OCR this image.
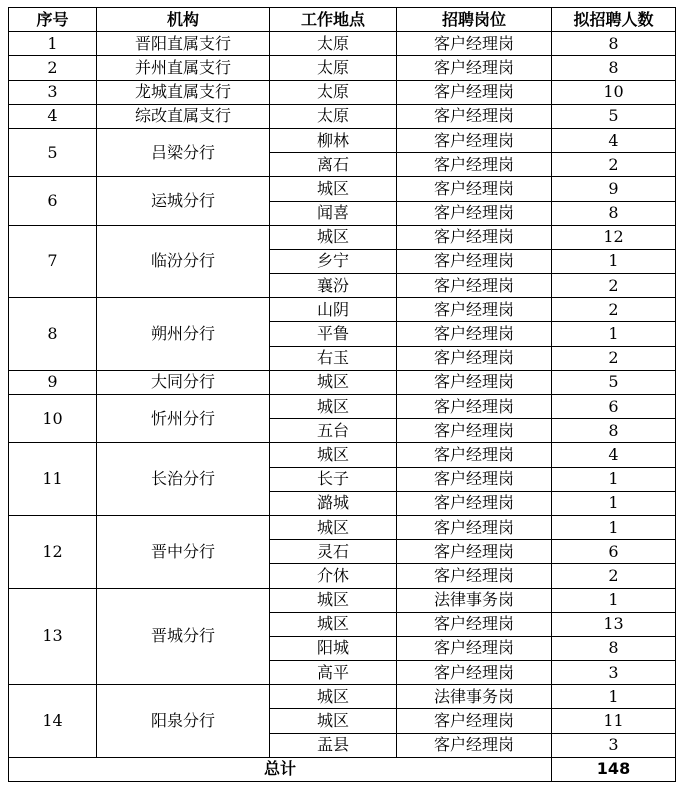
序号	机构	工作地点	招聘岗位	拟招聘人数
1	晋阳直属支行	太原	客户经理岗	8
2	并州直属支行	太原	客户经理岗	8
3	龙城直属支行	太原	客户经理岗	10
4	综改直属支行	太原	客户经理岗	5
5	吕梁分行	柳林	客户经理岗	4
		离石	客户经理岗	2
6	运城分行	城区	客户经理岗	9
		闻喜	客户经理岗	8
7	临汾分行	城区	客户经理岗	12
		乡宁	客户经理岗	1
		襄汾	客户经理岗	2
8	朔州分行	山阴	客户经理岗	2
		平鲁	客户经理岗	1
		右玉	客户经理岗	2
9	大同分行	城区	客户经理岗	5
10	忻州分行	城区	客户经理岗	6
		五台	客户经理岗	8
11	长治分行	城区	客户经理岗	4
		长子	客户经理岗	1
		潞城	客户经理岗	1
12	晋中分行	城区	客户经理岗	1
		灵石	客户经理岗	6
		介休	客户经理岗	2
13	晋城分行	城区	法律事务岗	1
		城区	客户经理岗	13
		阳城	客户经理岗	8
		高平	客户经理岗	3
14	阳泉分行	城区	法律事务岗	1
		城区	客户经理岗	11
		盂县	客户经理岗	3
总计				148
